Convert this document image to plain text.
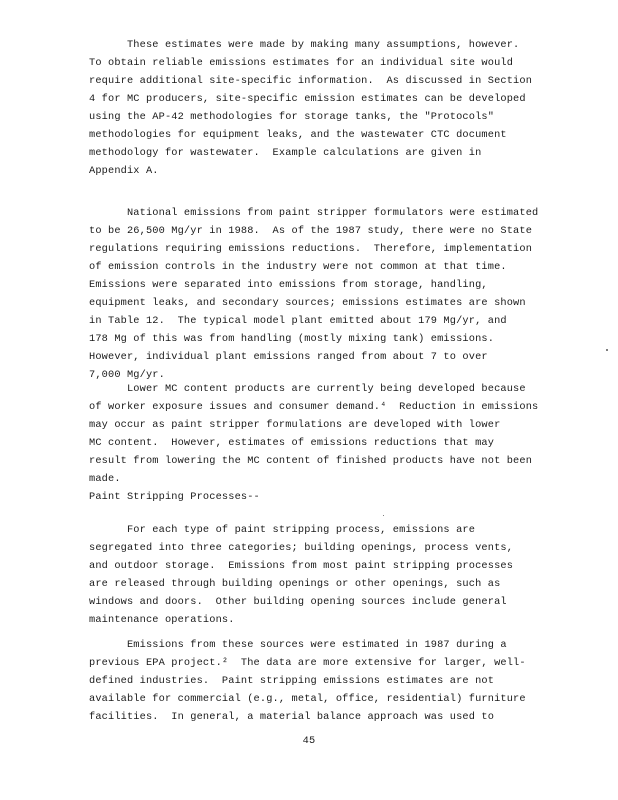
These estimates were made by making many assumptions, however.
To obtain reliable emissions estimates for an individual site would
require additional site-specific information.  As discussed in Section
4 for MC producers, site-specific emission estimates can be developed
using the AP-42 methodologies for storage tanks, the "Protocols"
methodologies for equipment leaks, and the wastewater CTC document
methodology for wastewater.  Example calculations are given in
Appendix A.
National emissions from paint stripper formulators were estimated
to be 26,500 Mg/yr in 1988.  As of the 1987 study, there were no State
regulations requiring emissions reductions.  Therefore, implementation
of emission controls in the industry were not common at that time.
Emissions were separated into emissions from storage, handling,
equipment leaks, and secondary sources; emissions estimates are shown
in Table 12.  The typical model plant emitted about 179 Mg/yr, and
178 Mg of this was from handling (mostly mixing tank) emissions.
However, individual plant emissions ranged from about 7 to over
7,000 Mg/yr.
Lower MC content products are currently being developed because
of worker exposure issues and consumer demand.⁴  Reduction in emissions
may occur as paint stripper formulations are developed with lower
MC content.  However, estimates of emissions reductions that may
result from lowering the MC content of finished products have not been
made.

Paint Stripping Processes--

For each type of paint stripping process, emissions are
segregated into three categories; building openings, process vents,
and outdoor storage.  Emissions from most paint stripping processes
are released through building openings or other openings, such as
windows and doors.  Other building opening sources include general
maintenance operations.
Emissions from these sources were estimated in 1987 during a
previous EPA project.²  The data are more extensive for larger, well-
defined industries.  Paint stripping emissions estimates are not
available for commercial (e.g., metal, office, residential) furniture
facilities.  In general, a material balance approach was used to
45
